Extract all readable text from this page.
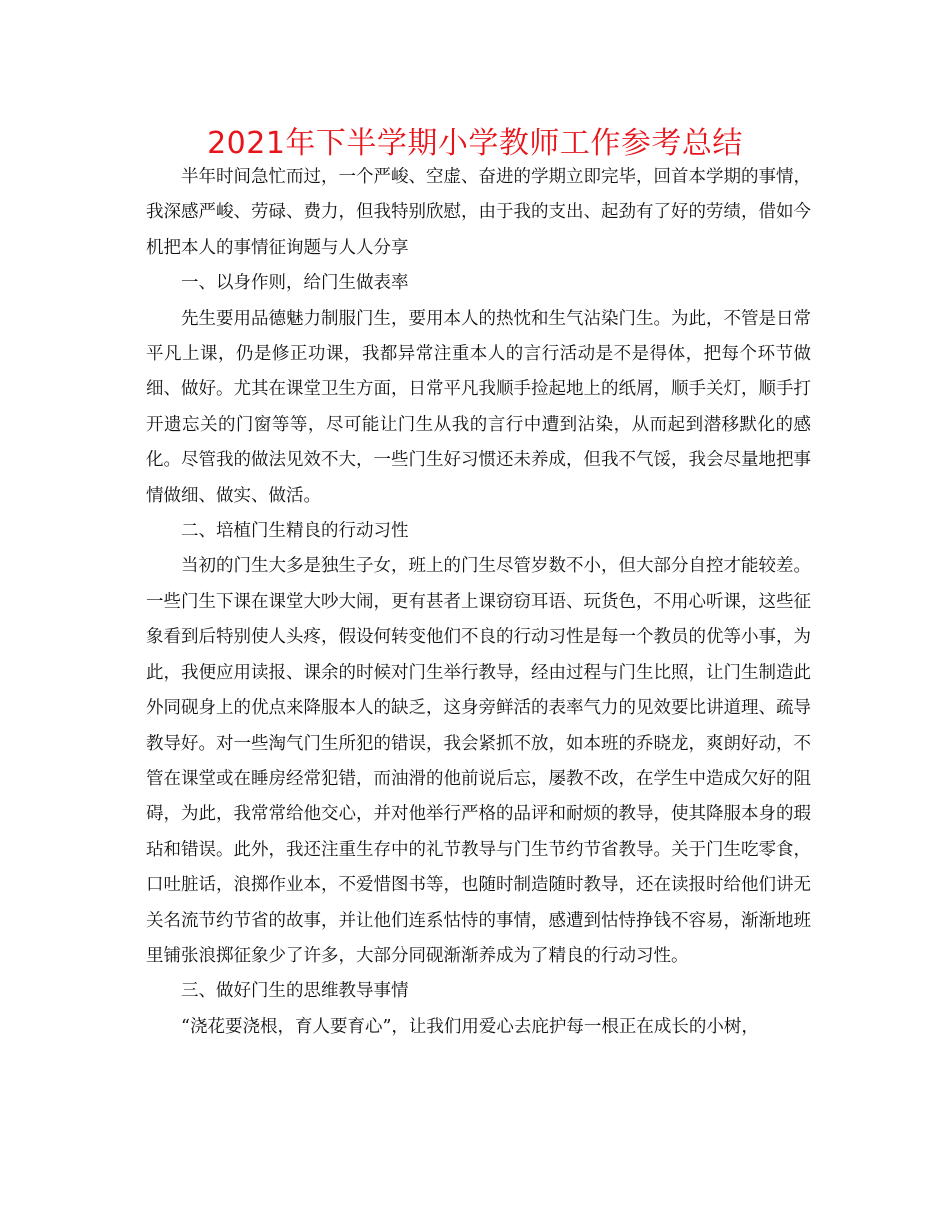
2021年下半学期小学教师工作参考总结

半年时间急忙而过，一个严峻、空虚、奋进的学期立即完毕，回首本学期的事情，我深感严峻、劳碌、费力，但我特别欣慰，由于我的支出、起劲有了好的劳绩，借如今机把本人的事情征询题与人人分享

一、以身作则，给门生做表率

先生要用品德魅力制服门生，要用本人的热忱和生气沾染门生。为此，不管是日常平凡上课，仍是修正功课，我都异常注重本人的言行活动是不是得体，把每个环节做细、做好。尤其在课堂卫生方面，日常平凡我顺手捡起地上的纸屑，顺手关灯，顺手打开遗忘关的门窗等等，尽可能让门生从我的言行中遭到沾染，从而起到潜移默化的感化。尽管我的做法见效不大，一些门生好习惯还未养成，但我不气馁，我会尽量地把事情做细、做实、做活。

二、培植门生精良的行动习性

当初的门生大多是独生子女，班上的门生尽管岁数不小，但大部分自控才能较差。一些门生下课在课堂大吵大闹，更有甚者上课窃窃耳语、玩货色，不用心听课，这些征象看到后特别使人头疼，假设何转变他们不良的行动习性是每一个教员的优等小事，为此，我便应用读报、课余的时候对门生举行教导，经由过程与门生比照，让门生制造此外同砚身上的优点来降服本人的缺乏，这身旁鲜活的表率气力的见效要比讲道理、疏导教导好。对一些淘气门生所犯的错误，我会紧抓不放，如本班的乔晓龙，爽朗好动，不管在课堂或在睡房经常犯错，而油滑的他前说后忘，屡教不改，在学生中造成欠好的阻碍，为此，我常常给他交心，并对他举行严格的品评和耐烦的教导，使其降服本身的瑕玷和错误。此外，我还注重生存中的礼节教导与门生节约节省教导。关于门生吃零食，口吐脏话，浪掷作业本，不爱惜图书等，也随时制造随时教导，还在读报时给他们讲无关名流节约节省的故事，并让他们连系怙恃的事情，感遭到怙恃挣钱不容易，渐渐地班里铺张浪掷征象少了许多，大部分同砚渐渐养成为了精良的行动习性。

三、做好门生的思维教导事情

“浇花要浇根，育人要育心”，让我们用爱心去庇护每一根正在成长的小树，
